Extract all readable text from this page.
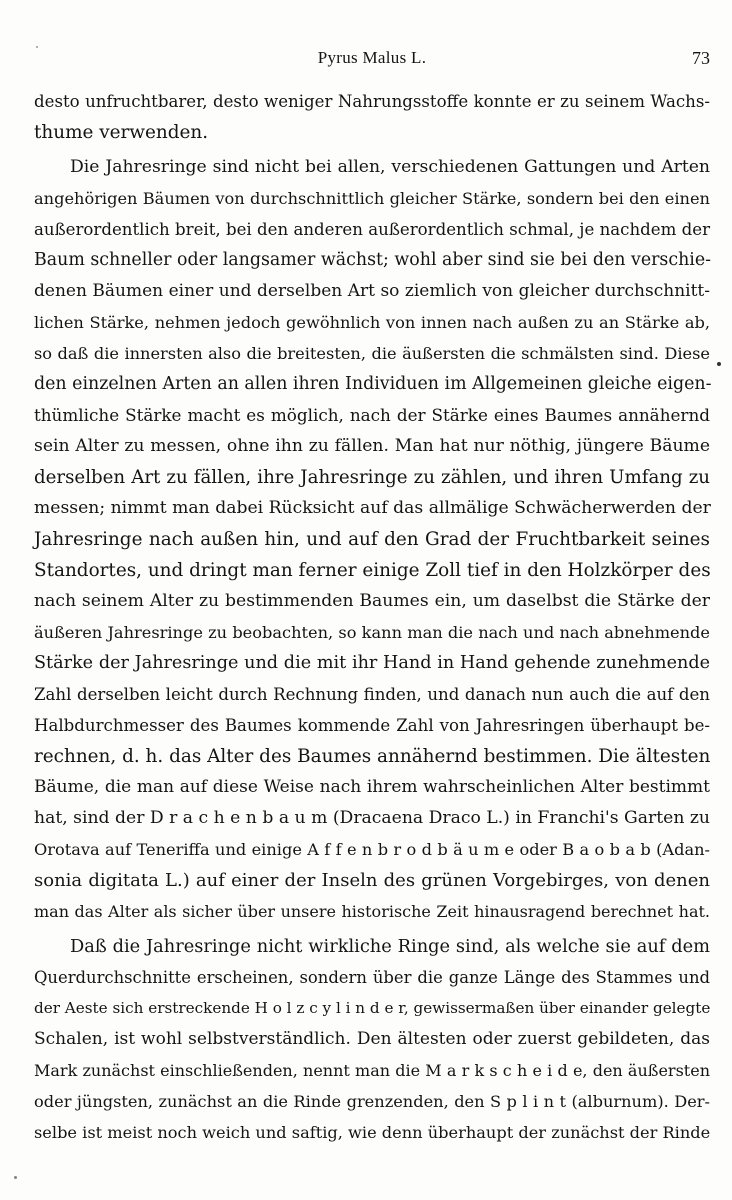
Pyrus Malus L.	73
desto unfruchtbarer, desto weniger Nahrungsstoffe konnte er zu seinem Wachs-
thume verwenden.
Die Jahresringe sind nicht bei allen, verschiedenen Gattungen und Arten
angehörigen Bäumen von durchschnittlich gleicher Stärke, sondern bei den einen
außerordentlich breit, bei den anderen außerordentlich schmal, je nachdem der
Baum schneller oder langsamer wächst; wohl aber sind sie bei den verschie-
denen Bäumen einer und derselben Art so ziemlich von gleicher durchschnitt-
lichen Stärke, nehmen jedoch gewöhnlich von innen nach außen zu an Stärke ab,
so daß die innersten also die breitesten, die äußersten die schmälsten sind. Diese
den einzelnen Arten an allen ihren Individuen im Allgemeinen gleiche eigen-
thümliche Stärke macht es möglich, nach der Stärke eines Baumes annähernd
sein Alter zu messen, ohne ihn zu fällen. Man hat nur nöthig, jüngere Bäume
derselben Art zu fällen, ihre Jahresringe zu zählen, und ihren Umfang zu
messen; nimmt man dabei Rücksicht auf das allmälige Schwächerwerden der
Jahresringe nach außen hin, und auf den Grad der Fruchtbarkeit seines
Standortes, und dringt man ferner einige Zoll tief in den Holzkörper des
nach seinem Alter zu bestimmenden Baumes ein, um daselbst die Stärke der
äußeren Jahresringe zu beobachten, so kann man die nach und nach abnehmende
Stärke der Jahresringe und die mit ihr Hand in Hand gehende zunehmende
Zahl derselben leicht durch Rechnung finden, und danach nun auch die auf den
Halbdurchmesser des Baumes kommende Zahl von Jahresringen überhaupt be-
rechnen, d. h. das Alter des Baumes annähernd bestimmen. Die ältesten
Bäume, die man auf diese Weise nach ihrem wahrscheinlichen Alter bestimmt
hat, sind der D r a c h e n b a u m (Dracaena Draco L.) in Franchi's Garten zu
Orotava auf Teneriffa und einige A f f e n b r o d b ä u m e oder B a o b a b (Adan-
sonia digitata L.) auf einer der Inseln des grünen Vorgebirges, von denen
man das Alter als sicher über unsere historische Zeit hinausragend berechnet hat.
Daß die Jahresringe nicht wirkliche Ringe sind, als welche sie auf dem
Querdurchschnitte erscheinen, sondern über die ganze Länge des Stammes und
der Aeste sich erstreckende H o l z c y l i n d e r, gewissermaßen über einander gelegte
Schalen, ist wohl selbstverständlich. Den ältesten oder zuerst gebildeten, das
Mark zunächst einschließenden, nennt man die M a r k s c h e i d e, den äußersten
oder jüngsten, zunächst an die Rinde grenzenden, den S p l i n t (alburnum). Der-
selbe ist meist noch weich und saftig, wie denn überhaupt der zunächst der Rinde
